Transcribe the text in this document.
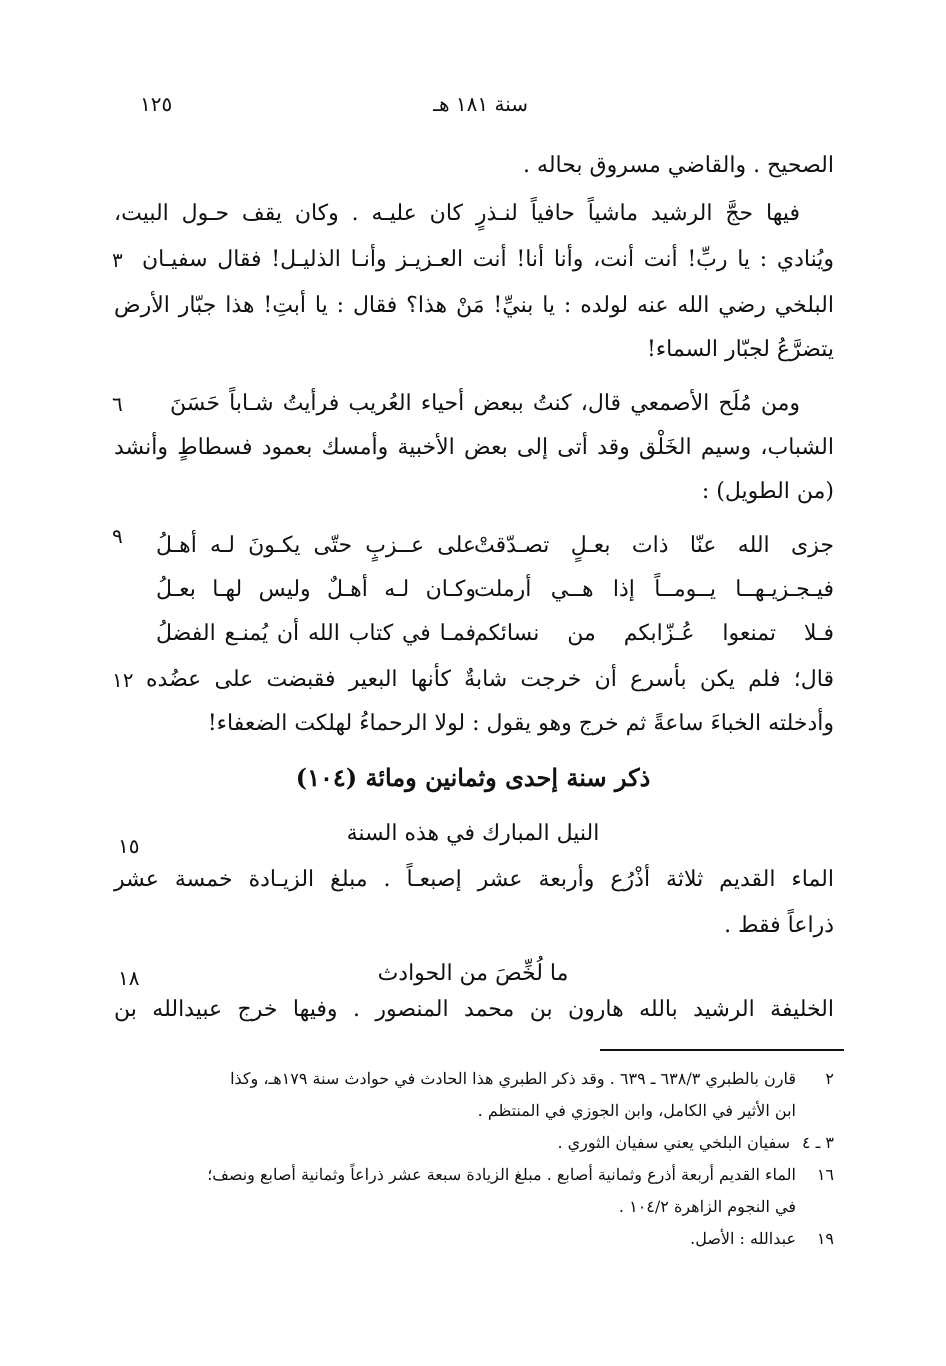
سنة ١٨١ هـ
١٢٥
الصحيح . والقاضي مسروق بحاله .
فيها حجَّ الرشيد ماشياً حافياً لنـذرٍ كان عليـه . وكان يقف حـول البيت،
ويُنادي : يا ربِّ! أنت أنت، وأنا أنا! أنت العـزيـز وأنـا الذليـل! فقال سفيـان
٣
البلخي رضي الله عنه لولده : يا بنيِّ! مَنْ هذا؟ فقال : يا أبتِ! هذا جبّار الأرض
يتضرَّعُ لجبّار السماء!
ومن مُلَح الأصمعي قال، كنتُ ببعض أحياء العُريب فرأيتُ شـاباً حَسَنَ
٦
الشباب، وسيم الخَلْق وقد أتى إلى بعض الأخبية وأمسك بعمود فسطاطٍ وأنشد
(من الطويل) :
جزى الله عنّا ذات بعـلٍ تصـدّقتْ
على عــزبٍ حتّى يكـونَ لـه أهـلُ
٩
فيـجـزيـهــا يــومــاً إذا هــي أرملت
وكـان لـه أهـلٌ وليس لهـا بعـلُ
فـلا تمنعوا عُـزّابكم من نسائكم
فمـا في كتاب الله أن يُمنـع الفضلُ
قال؛ فلم يكن بأسرع أن خرجت شابةٌ كأنها البعير فقبضت على عضُده
١٢
وأدخلته الخباءَ ساعةً ثم خرج وهو يقول : لولا الرحماءُ لهلكت الضعفاء!
ذكر سنة إحدى وثمانين ومائة (١٠٤)
النيل المبارك في هذه السنة
١٥
الماء القديم ثلاثة أذْرُع وأربعة عشر إصبعـاً . مبلغ الزيـادة خمسة عشر
ذراعاً فقط .
ما لُخِّصَ من الحوادث
١٨
الخليفة الرشيد بالله هارون بن محمد المنصور . وفيها خرج عبيدالله بن
٢قارن بالطبري ٦٣٨/٣ ـ ٦٣٩ . وقد ذكر الطبري هذا الحادث في حوادث سنة ١٧٩هـ، وكذا
ابن الأثير في الكامل، وابن الجوزي في المنتظم .
٣ ـ ٤سفيان البلخي يعني سفيان الثوري .
١٦الماء القديم أربعة أذرع وثمانية أصابع . مبلغ الزيادة سبعة عشر ذراعاً وثمانية أصابع ونصف؛
في النجوم الزاهرة ١٠٤/٢ .
١٩عبدالله : الأصل.
